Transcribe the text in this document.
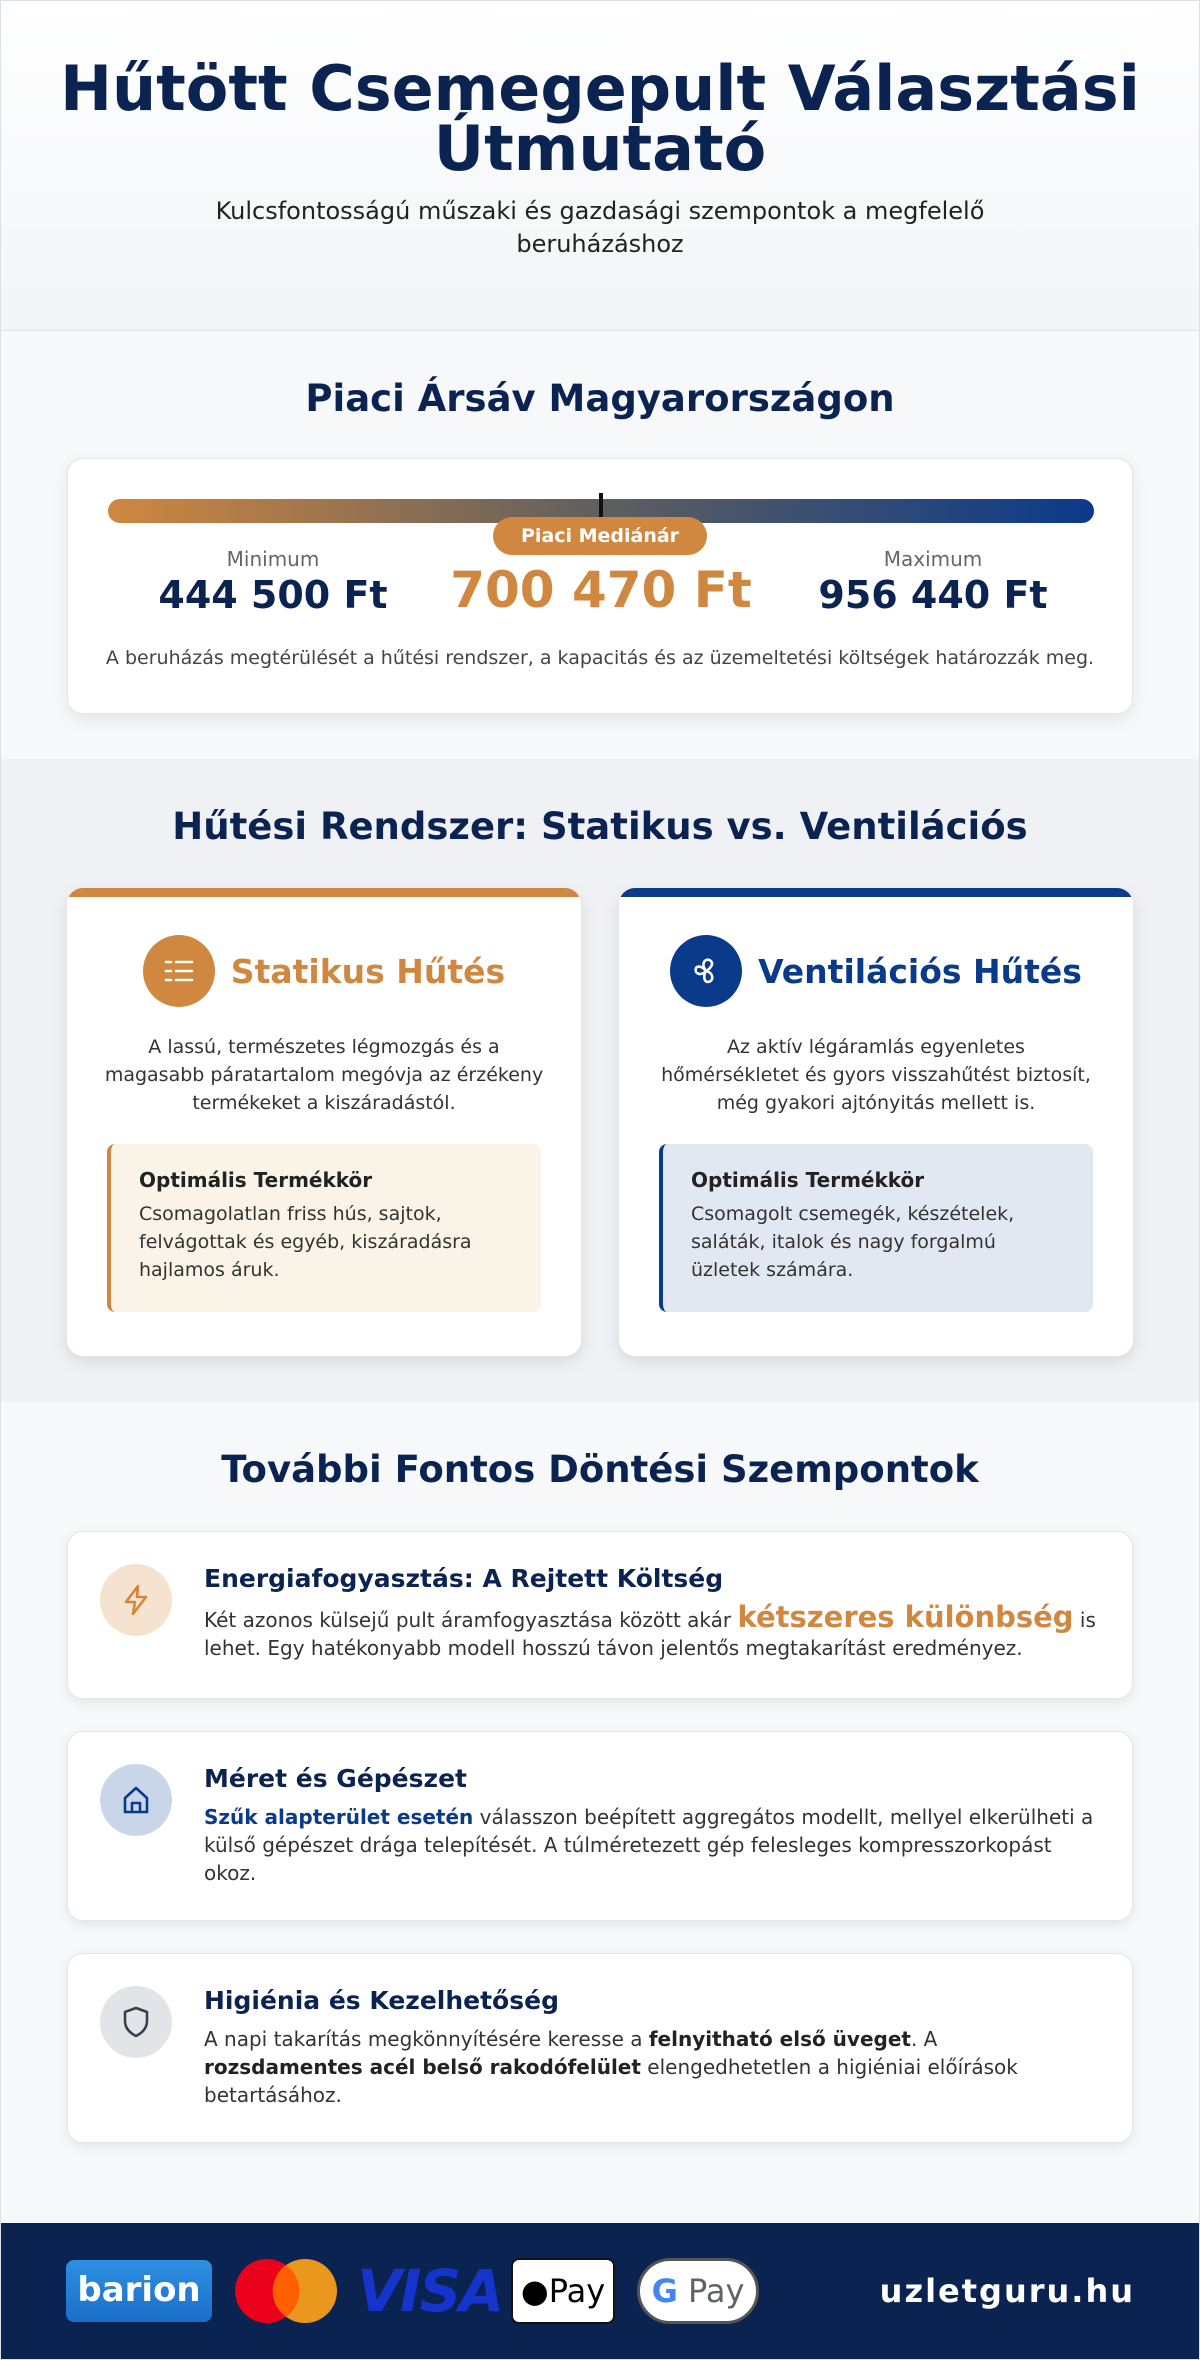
Hűtött Csemegepult Választási Útmutató

Kulcsfontosságú műszaki és gazdasági szempontok a megfelelő beruházáshoz

Piaci Ársáv Magyarországon
Piaci Mediánár
Minimum
444 500 Ft	700 470 Ft
Maximum
956 440 Ft
A beruházás megtérülését a hűtési rendszer, a kapacitás és az üzemeltetési költségek határozzák meg.
Hűtési Rendszer: Statikus vs. Ventilációs
Statikus Hűtés

A lassú, természetes légmozgás és a magasabb páratartalom megóvja az érzékeny termékeket a kiszáradástól.

Optimális Termékkör

Csomagolatlan friss hús, sajtok, felvágottak és egyéb, kiszáradásra hajlamos áruk.

Ventilációs Hűtés

Az aktív légáramlás egyenletes hőmérsékletet és gyors visszahűtést biztosít, még gyakori ajtónyitás mellett is.

Optimális Termékkör

Csomagolt csemegék, készételek, saláták, italok és nagy forgalmú üzletek számára.

További Fontos Döntési Szempontok
Energiafogyasztás: A Rejtett Költség

Két azonos külsejű pult áramfogyasztása között akár kétszeres különbség is lehet. Egy hatékonyabb modell hosszú távon jelentős megtakarítást eredményez.

Méret és Gépészet

Szűk alapterület esetén válasszon beépített aggregátos modellt, mellyel elkerülheti a külső gépészet drága telepítését. A túlméretezett gép felesleges kompresszorkopást okoz.

Higiénia és Kezelhetőség

A napi takarítás megkönnyítésére keresse a felnyitható első üveget. A rozsdamentes acél belső rakodófelület elengedhetetlen a higiéniai előírások betartásához.

barion	VISA ●Pay	G Pay	uzletguru.hu
